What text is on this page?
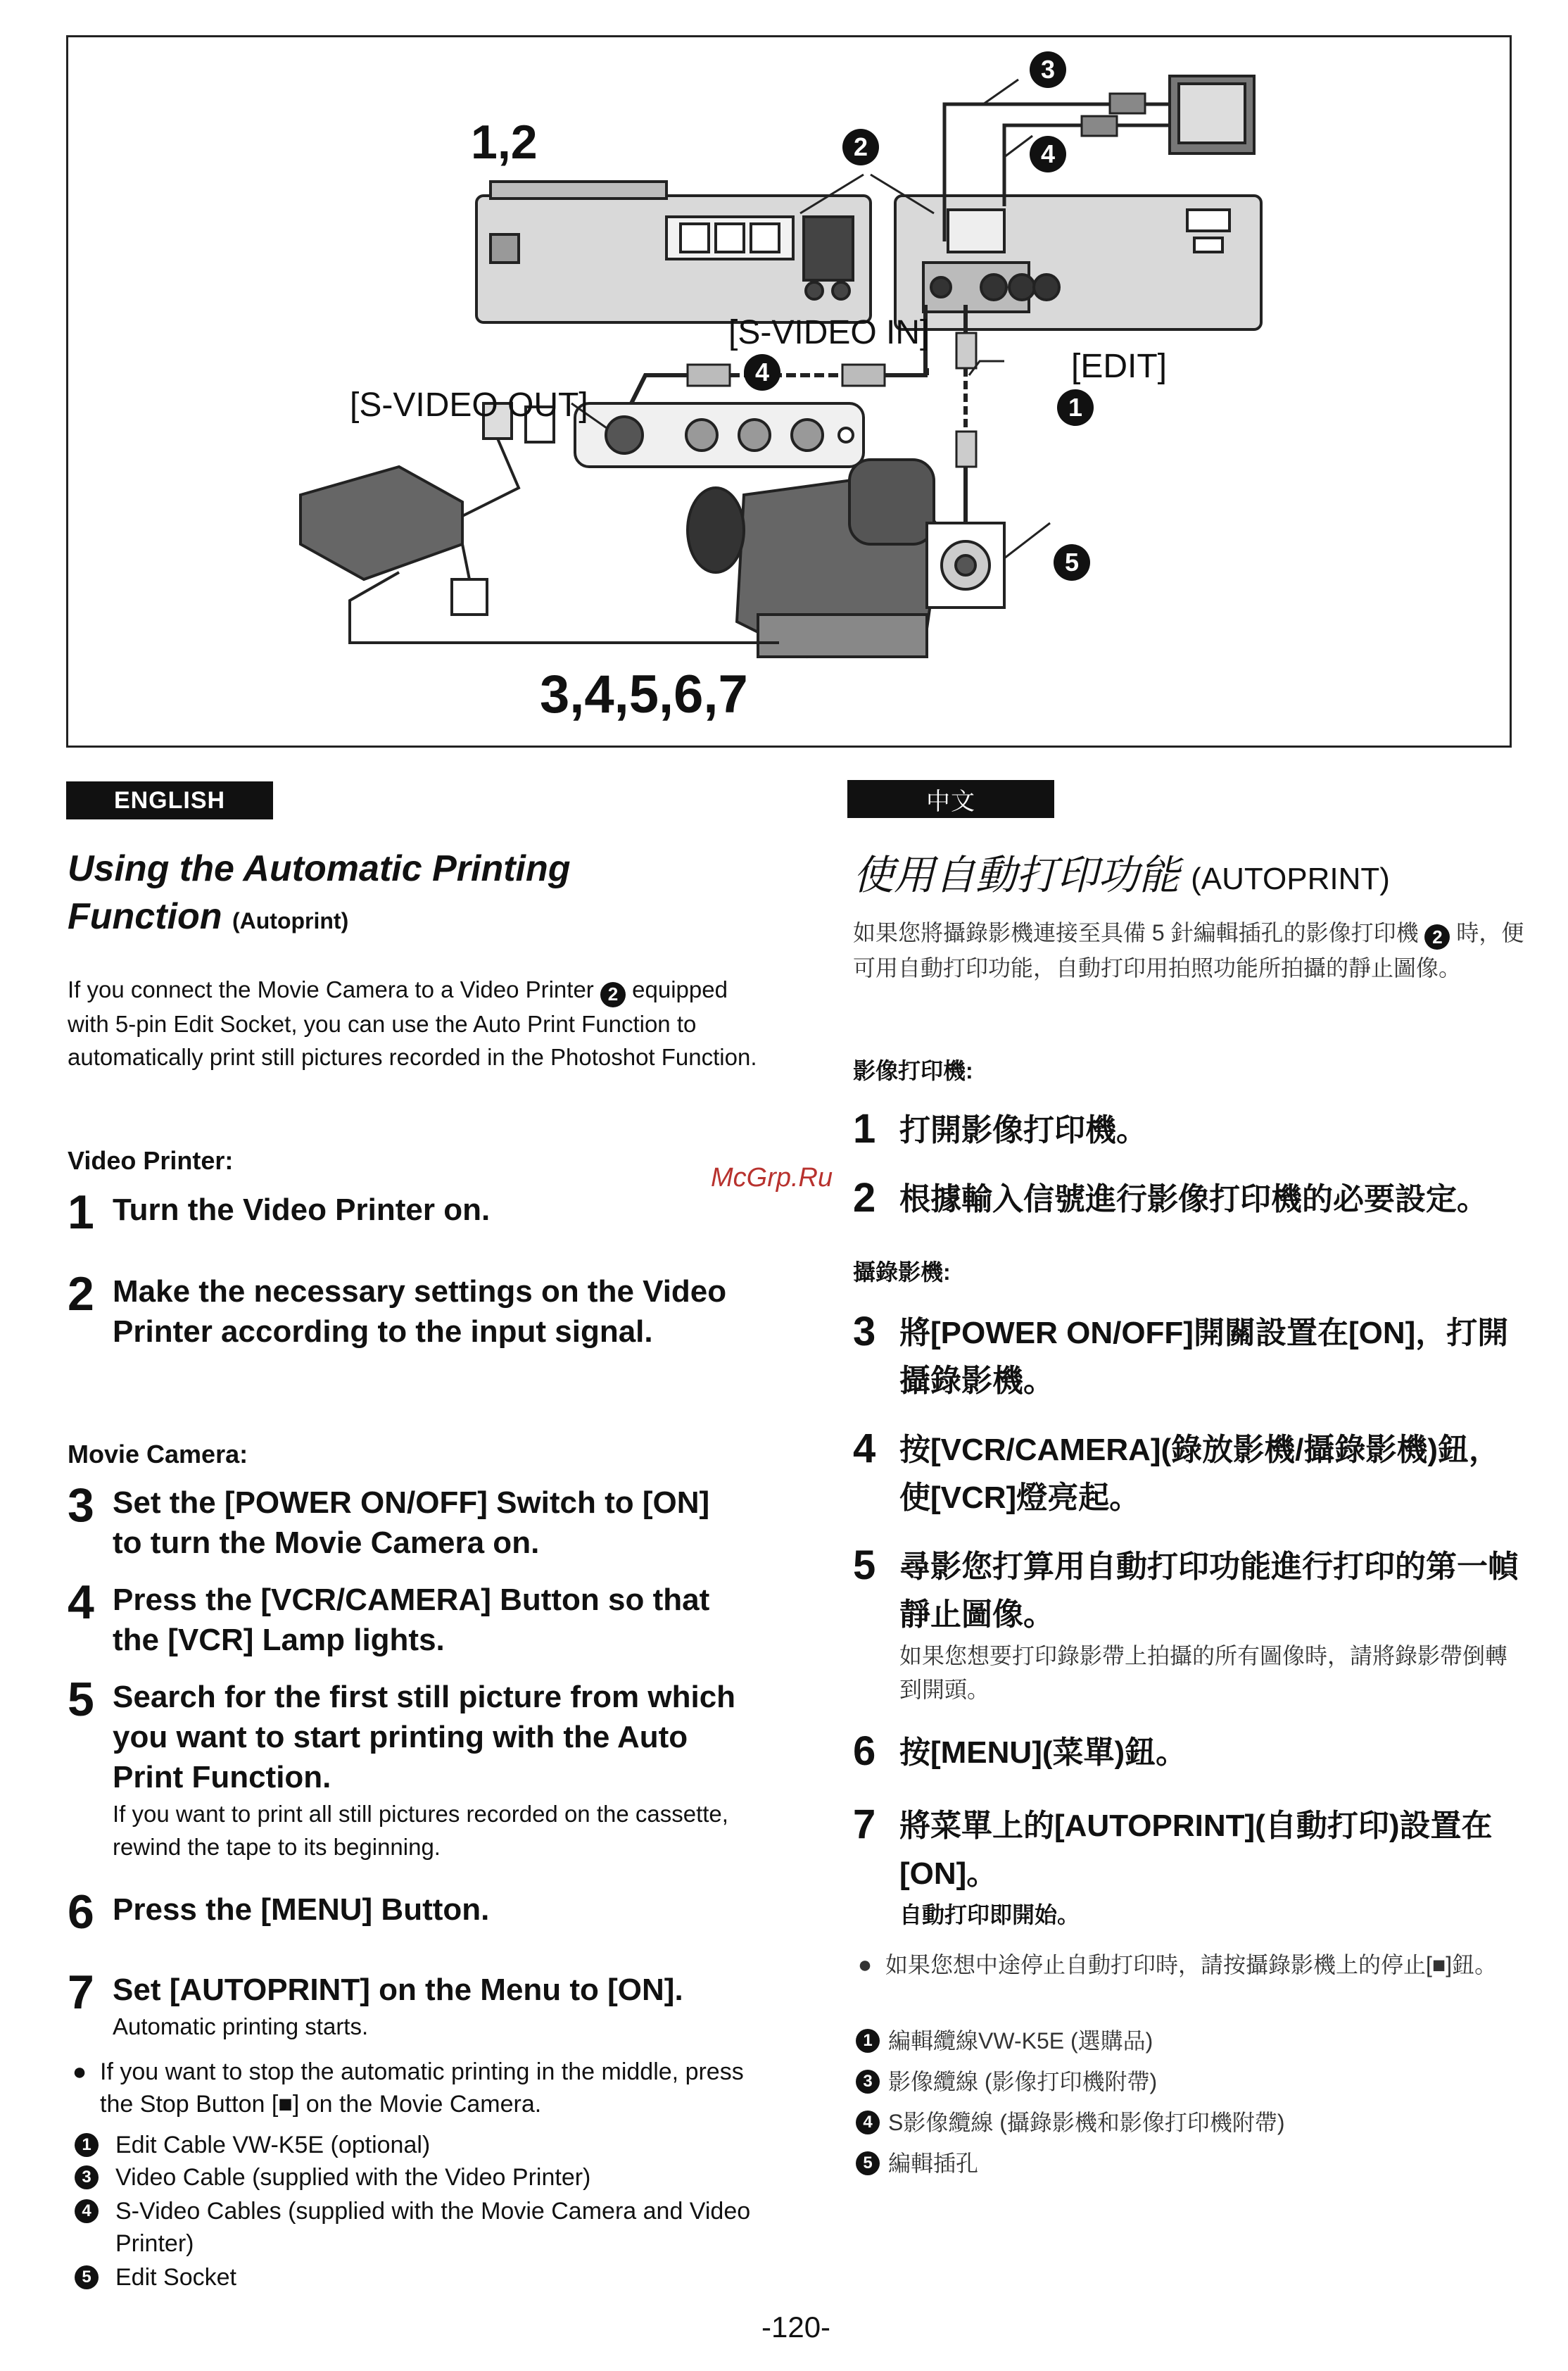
1,2
3,4,5,6,7
[S-VIDEO IN]
[S-VIDEO OUT]
[EDIT]
3
2	4
4
1
5
ENGLISH
Using the Automatic Printing
Function (Autoprint)
If you connect the Movie Camera to a Video Printer 2 equipped with 5-pin Edit Socket, you can use the Auto Print Function to automatically print still pictures recorded in the Photoshot Function.
Video Printer:
1 Turn the Video Printer on.
2 Make the necessary settings on the Video Printer according to the input signal.
Movie Camera:
3 Set the [POWER ON/OFF] Switch to [ON] to turn the Movie Camera on.
4 Press the [VCR/CAMERA] Button so that the [VCR] Lamp lights.
5 Search for the first still picture from which you want to start printing with the Auto Print Function.
If you want to print all still pictures recorded on the cassette, rewind the tape to its beginning.
6 Press the [MENU] Button.
7 Set [AUTOPRINT] on the Menu to [ON].
Automatic printing starts.
● If you want to stop the automatic printing in the middle, press the Stop Button [■] on the Movie Camera.
1	Edit Cable VW-K5E (optional)
3	Video Cable (supplied with the Video Printer)
4	S-Video Cables (supplied with the Movie Camera and Video Printer)
5	Edit Socket
中文
使用自動打印功能 (AUTOPRINT)
如果您將攝錄影機連接至具備 5 針編輯插孔的影像打印機 2 時，便可用自動打印功能，自動打印用拍照功能所拍攝的靜止圖像。
影像打印機:
1 打開影像打印機。
2 根據輸入信號進行影像打印機的必要設定。
攝錄影機:
3 將[POWER ON/OFF]開關設置在[ON]，打開攝錄影機。
4 按[VCR/CAMERA](錄放影機/攝錄影機)鈕，使[VCR]燈亮起。
5 尋影您打算用自動打印功能進行打印的第一幀靜止圖像。
如果您想要打印錄影帶上拍攝的所有圖像時，請將錄影帶倒轉到開頭。
6 按[MENU](菜單)鈕。
7 將菜單上的[AUTOPRINT](自動打印)設置在[ON]。
自動打印即開始。
● 如果您想中途停止自動打印時，請按攝錄影機上的停止[■]鈕。
1 編輯纜線VW-K5E (選購品)
3 影像纜線 (影像打印機附帶)
4 S影像纜線 (攝錄影機和影像打印機附帶)
5 編輯插孔
McGrp.Ru
-120-
